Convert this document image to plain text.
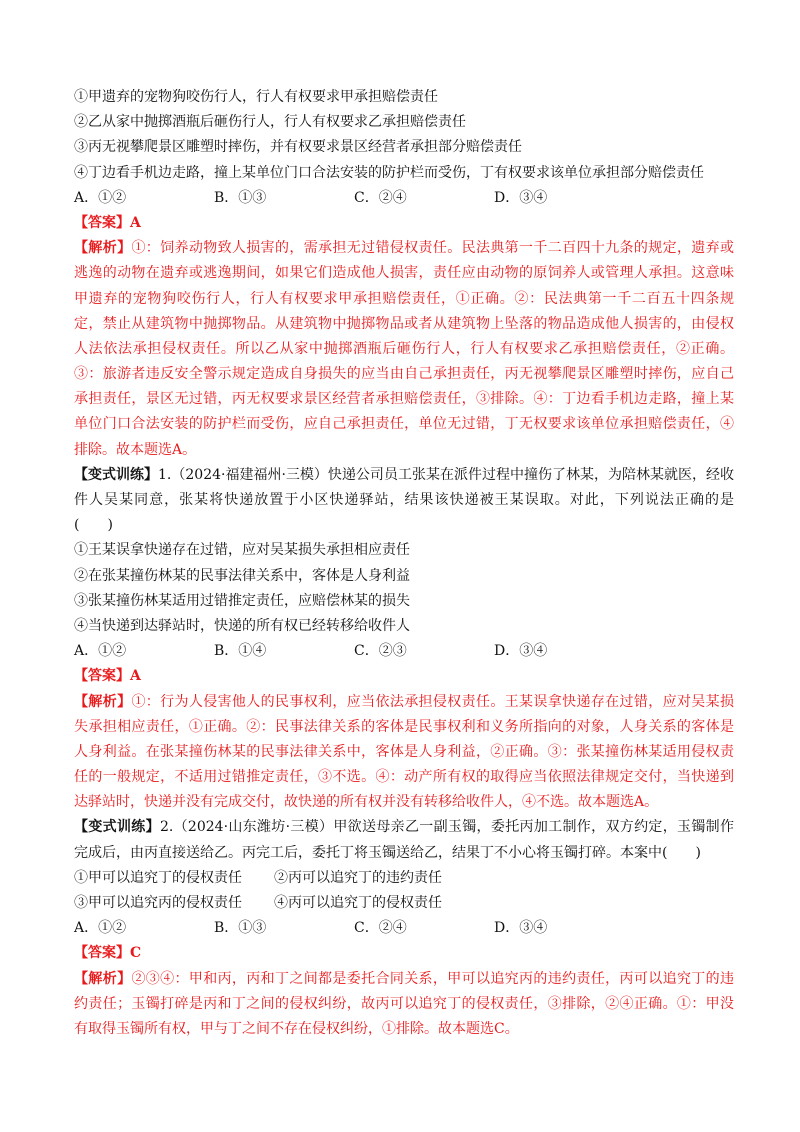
①甲遗弃的宠物狗咬伤行人，行人有权要求甲承担赔偿责任
②乙从家中抛掷酒瓶后砸伤行人，行人有权要求乙承担赔偿责任
③丙无视攀爬景区雕塑时摔伤，并有权要求景区经营者承担部分赔偿责任
④丁边看手机边走路，撞上某单位门口合法安装的防护栏而受伤，丁有权要求该单位承担部分赔偿责任
A．①②	B．①③	C．②④	D．③④
【答案】A
【解析】①：饲养动物致人损害的，需承担无过错侵权责任。民法典第一千二百四十九条的规定，遗弃或
逃逸的动物在遗弃或逃逸期间，如果它们造成他人损害，责任应由动物的原饲养人或管理人承担。这意味
甲遗弃的宠物狗咬伤行人，行人有权要求甲承担赔偿责任，①正确。②：民法典第一千二百五十四条规
定，禁止从建筑物中抛掷物品。从建筑物中抛掷物品或者从建筑物上坠落的物品造成他人损害的，由侵权
人法依法承担侵权责任。所以乙从家中抛掷酒瓶后砸伤行人，行人有权要求乙承担赔偿责任，②正确。
③：旅游者违反安全警示规定造成自身损失的应当由自己承担责任，丙无视攀爬景区雕塑时摔伤，应自己
承担责任，景区无过错，丙无权要求景区经营者承担赔偿责任，③排除。④：丁边看手机边走路，撞上某
单位门口合法安装的防护栏而受伤，应自己承担责任，单位无过错，丁无权要求该单位承担赔偿责任，④
排除。故本题选A。
【变式训练】1.（2024·福建福州·三模）快递公司员工张某在派件过程中撞伤了林某，为陪林某就医，经收
件人吴某同意，张某将快递放置于小区快递驿站，结果该快递被王某误取。对此，下列说法正确的是
(　　)
①王某误拿快递存在过错，应对吴某损失承担相应责任
②在张某撞伤林某的民事法律关系中，客体是人身利益
③张某撞伤林某适用过错推定责任，应赔偿林某的损失
④当快递到达驿站时，快递的所有权已经转移给收件人
A．①②	B．①④	C．②③	D．③④
【答案】A
【解析】①：行为人侵害他人的民事权利，应当依法承担侵权责任。王某误拿快递存在过错，应对吴某损
失承担相应责任，①正确。②：民事法律关系的客体是民事权利和义务所指向的对象，人身关系的客体是
人身利益。在张某撞伤林某的民事法律关系中，客体是人身利益，②正确。③：张某撞伤林某适用侵权责
任的一般规定，不适用过错推定责任，③不选。④：动产所有权的取得应当依照法律规定交付，当快递到
达驿站时，快递并没有完成交付，故快递的所有权并没有转移给收件人，④不选。故本题选A。
【变式训练】2.（2024·山东潍坊·三模）甲欲送母亲乙一副玉镯，委托丙加工制作，双方约定，玉镯制作
完成后，由丙直接送给乙。丙完工后，委托丁将玉镯送给乙，结果丁不小心将玉镯打碎。本案中(　　)
①甲可以追究丁的侵权责任	②丙可以追究丁的违约责任
③甲可以追究丙的侵权责任	④丙可以追究丁的侵权责任
A．①②	B．①③	C．②④	D．③④
【答案】C
【解析】②③④：甲和丙，丙和丁之间都是委托合同关系，甲可以追究丙的违约责任，丙可以追究丁的违
约责任；玉镯打碎是丙和丁之间的侵权纠纷，故丙可以追究丁的侵权责任，③排除，②④正确。①：甲没
有取得玉镯所有权，甲与丁之间不存在侵权纠纷，①排除。故本题选C。
